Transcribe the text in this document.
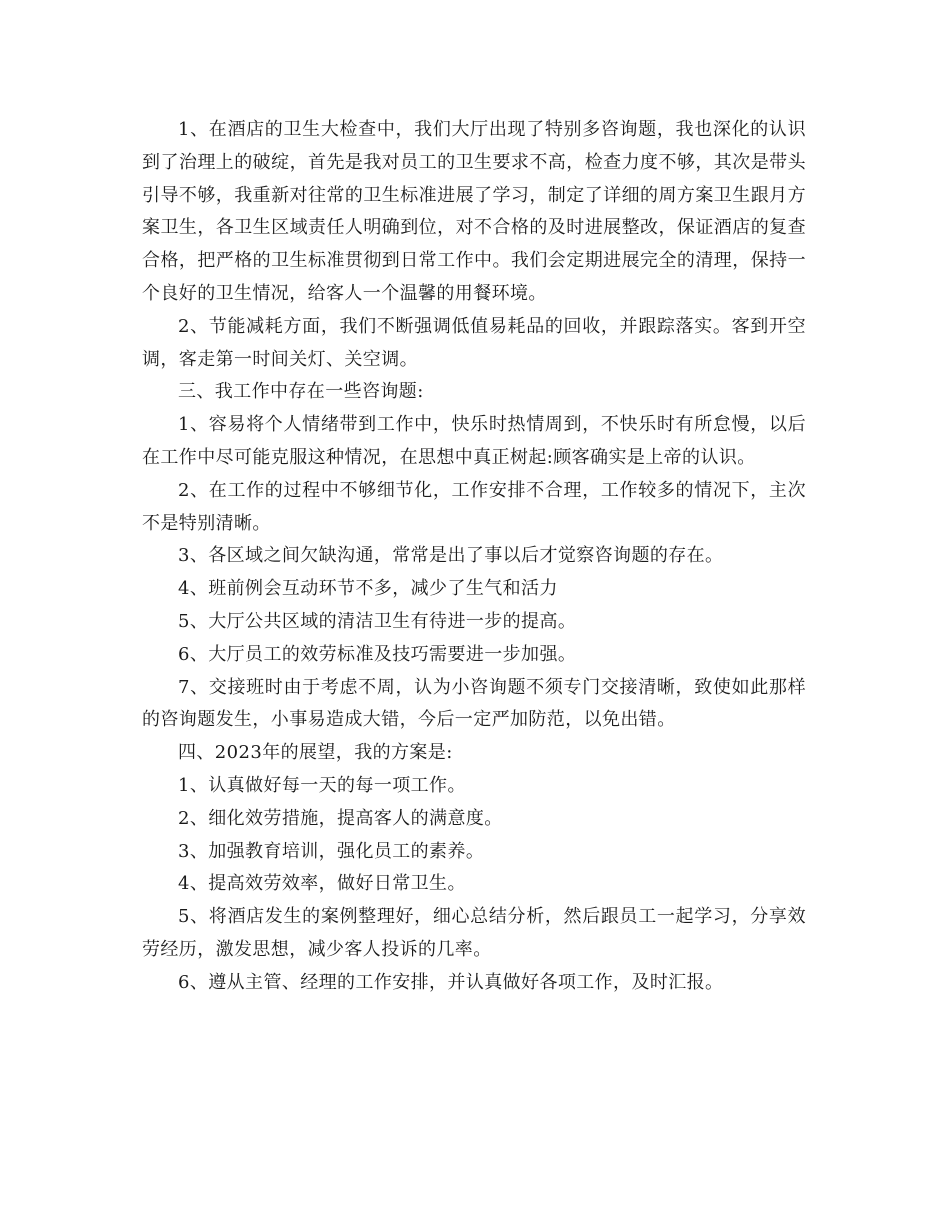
1、在酒店的卫生大检查中，我们大厅出现了特别多咨询题，我也深化的认识到了治理上的破绽，首先是我对员工的卫生要求不高，检查力度不够，其次是带头引导不够，我重新对往常的卫生标准进展了学习，制定了详细的周方案卫生跟月方案卫生，各卫生区域责任人明确到位，对不合格的及时进展整改，保证酒店的复查合格，把严格的卫生标准贯彻到日常工作中。我们会定期进展完全的清理，保持一个良好的卫生情况，给客人一个温馨的用餐环境。

2、节能减耗方面，我们不断强调低值易耗品的回收，并跟踪落实。客到开空调，客走第一时间关灯、关空调。

三、我工作中存在一些咨询题:

1、容易将个人情绪带到工作中，快乐时热情周到，不快乐时有所怠慢，以后在工作中尽可能克服这种情况，在思想中真正树起:顾客确实是上帝的认识。

2、在工作的过程中不够细节化，工作安排不合理，工作较多的情况下，主次不是特别清晰。

3、各区域之间欠缺沟通，常常是出了事以后才觉察咨询题的存在。

4、班前例会互动环节不多，减少了生气和活力

5、大厅公共区域的清洁卫生有待进一步的提高。

6、大厅员工的效劳标准及技巧需要进一步加强。

7、交接班时由于考虑不周，认为小咨询题不须专门交接清晰，致使如此那样的咨询题发生，小事易造成大错，今后一定严加防范，以免出错。

四、2023年的展望，我的方案是:

1、认真做好每一天的每一项工作。

2、细化效劳措施，提高客人的满意度。

3、加强教育培训，强化员工的素养。

4、提高效劳效率，做好日常卫生。

5、将酒店发生的案例整理好，细心总结分析，然后跟员工一起学习，分享效劳经历，激发思想，减少客人投诉的几率。

6、遵从主管、经理的工作安排，并认真做好各项工作，及时汇报。
